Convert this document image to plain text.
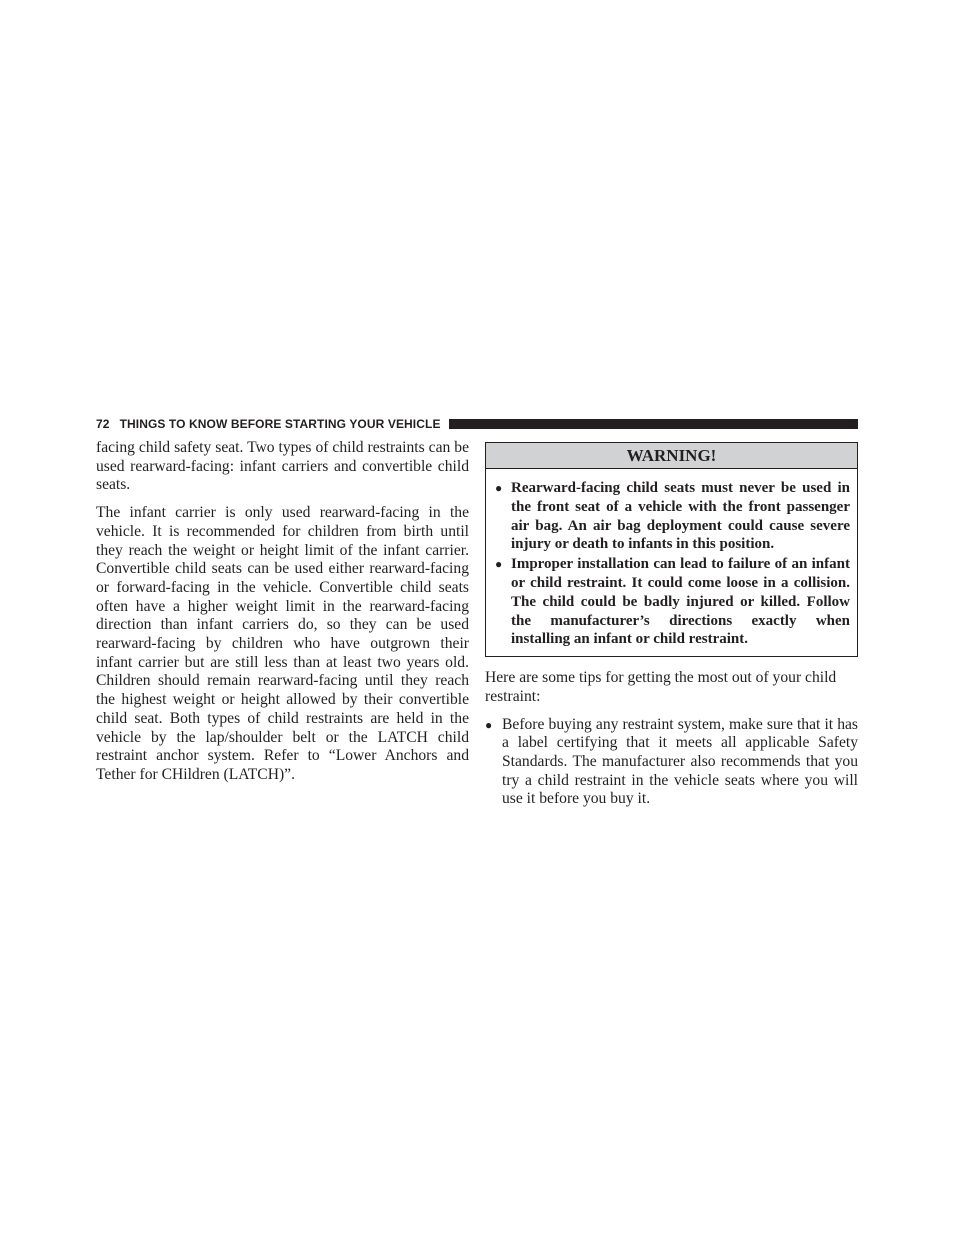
72 THINGS TO KNOW BEFORE STARTING YOUR VEHICLE

facing child safety seat. Two types of child restraints can be used rearward-facing: infant carriers and convertible child seats.

The infant carrier is only used rearward-facing in the vehicle. It is recommended for children from birth until they reach the weight or height limit of the infant carrier. Convertible child seats can be used either rearward-facing or forward-facing in the vehicle. Convertible child seats often have a higher weight limit in the rearward-facing direction than infant carriers do, so they can be used rearward-facing by children who have outgrown their infant carrier but are still less than at least two years old. Children should remain rearward-facing until they reach the highest weight or height allowed by their convertible child seat. Both types of child restraints are held in the vehicle by the lap/shoulder belt or the LATCH child restraint anchor system. Refer to “Lower Anchors and Tether for CHildren (LATCH)”.

WARNING!
● Rearward-facing child seats must never be used in the front seat of a vehicle with the front passenger air bag. An air bag deployment could cause severe injury or death to infants in this position.
● Improper installation can lead to failure of an infant or child restraint. It could come loose in a collision. The child could be badly injured or killed. Follow the manufacturer’s directions exactly when installing an infant or child restraint.

Here are some tips for getting the most out of your child restraint:

● Before buying any restraint system, make sure that it has a label certifying that it meets all applicable Safety Standards. The manufacturer also recommends that you try a child restraint in the vehicle seats where you will use it before you buy it.
